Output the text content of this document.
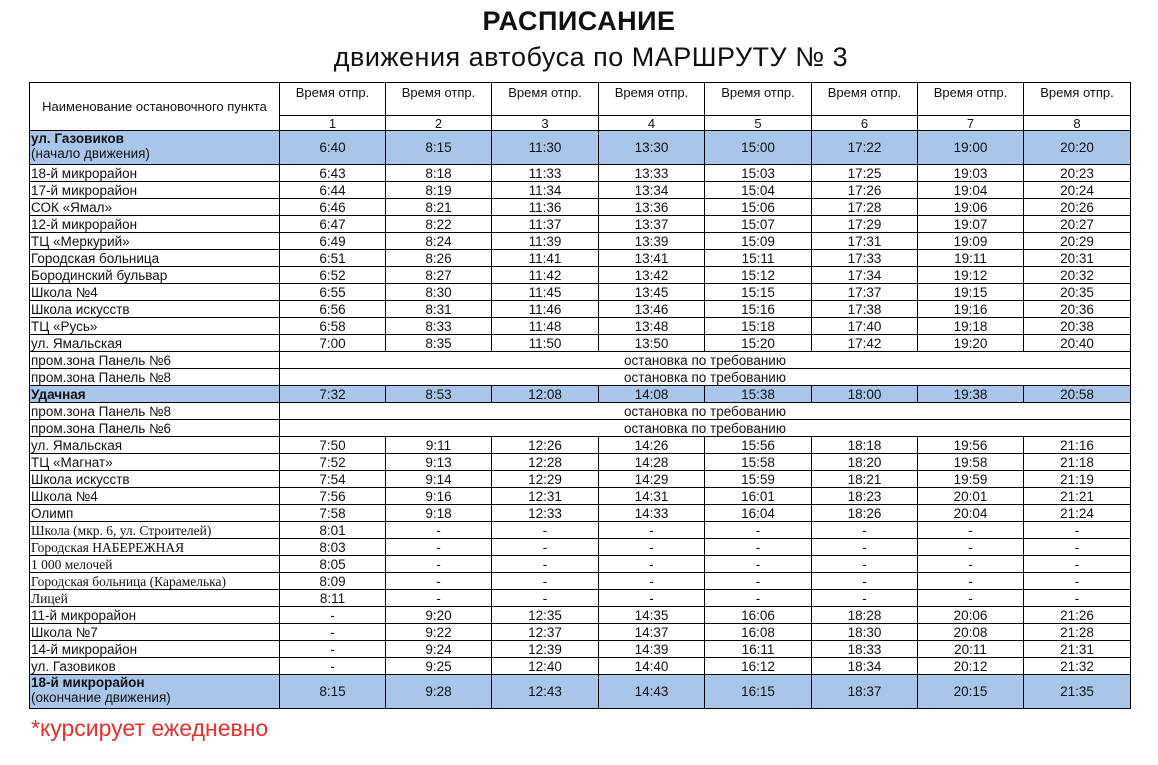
РАСПИСАНИЕ
движения автобуса по МАРШРУТУ № 3
Наименование остановочного пункта	Время отпр.	Время отпр.	Время отпр.	Время отпр.	Время отпр.	Время отпр.	Время отпр.	Время отпр.
	1	2	3	4	5	6	7	8

ул. Газовиков
(начало движения)	6:40	8:15	11:30	13:30	15:00	17:22	19:00	20:20

18-й микрорайон	6:43	8:18	11:33	13:33	15:03	17:25	19:03	20:23

17-й микрорайон	6:44	8:19	11:34	13:34	15:04	17:26	19:04	20:24

СОК «Ямал»	6:46	8:21	11:36	13:36	15:06	17:28	19:06	20:26

12-й микрорайон	6:47	8:22	11:37	13:37	15:07	17:29	19:07	20:27

ТЦ «Меркурий»	6:49	8:24	11:39	13:39	15:09	17:31	19:09	20:29

Городская больница	6:51	8:26	11:41	13:41	15:11	17:33	19:11	20:31

Бородинский бульвар	6:52	8:27	11:42	13:42	15:12	17:34	19:12	20:32

Школа №4	6:55	8:30	11:45	13:45	15:15	17:37	19:15	20:35

Школа искусств	6:56	8:31	11:46	13:46	15:16	17:38	19:16	20:36

ТЦ «Русь»	6:58	8:33	11:48	13:48	15:18	17:40	19:18	20:38

ул. Ямальская	7:00	8:35	11:50	13:50	15:20	17:42	19:20	20:40

пром.зона Панель №6	остановка по требованию							

пром.зона Панель №8	остановка по требованию							

Удачная	7:32	8:53	12:08	14:08	15:38	18:00	19:38	20:58

пром.зона Панель №8	остановка по требованию							

пром.зона Панель №6	остановка по требованию							

ул. Ямальская	7:50	9:11	12:26	14:26	15:56	18:18	19:56	21:16

ТЦ «Магнат»	7:52	9:13	12:28	14:28	15:58	18:20	19:58	21:18

Школа искусств	7:54	9:14	12:29	14:29	15:59	18:21	19:59	21:19

Школа №4	7:56	9:16	12:31	14:31	16:01	18:23	20:01	21:21

Олимп	7:58	9:18	12:33	14:33	16:04	18:26	20:04	21:24

Школа (мкр. 6, ул. Строителей)	8:01	-	-	-	-	-	-	-

Городская НАБЕРЕЖНАЯ	8:03	-	-	-	-	-	-	-

1 000 мелочей	8:05	-	-	-	-	-	-	-

Городская больница (Карамелька)	8:09	-	-	-	-	-	-	-

Лицей	8:11	-	-	-	-	-	-	-

11-й микрорайон	-	9:20	12:35	14:35	16:06	18:28	20:06	21:26

Школа №7	-	9:22	12:37	14:37	16:08	18:30	20:08	21:28

14-й микрорайон	-	9:24	12:39	14:39	16:11	18:33	20:11	21:31

ул. Газовиков	-	9:25	12:40	14:40	16:12	18:34	20:12	21:32

18-й микрорайон
(окончание движения)	8:15	9:28	12:43	14:43	16:15	18:37	20:15	21:35
*курсирует ежедневно
